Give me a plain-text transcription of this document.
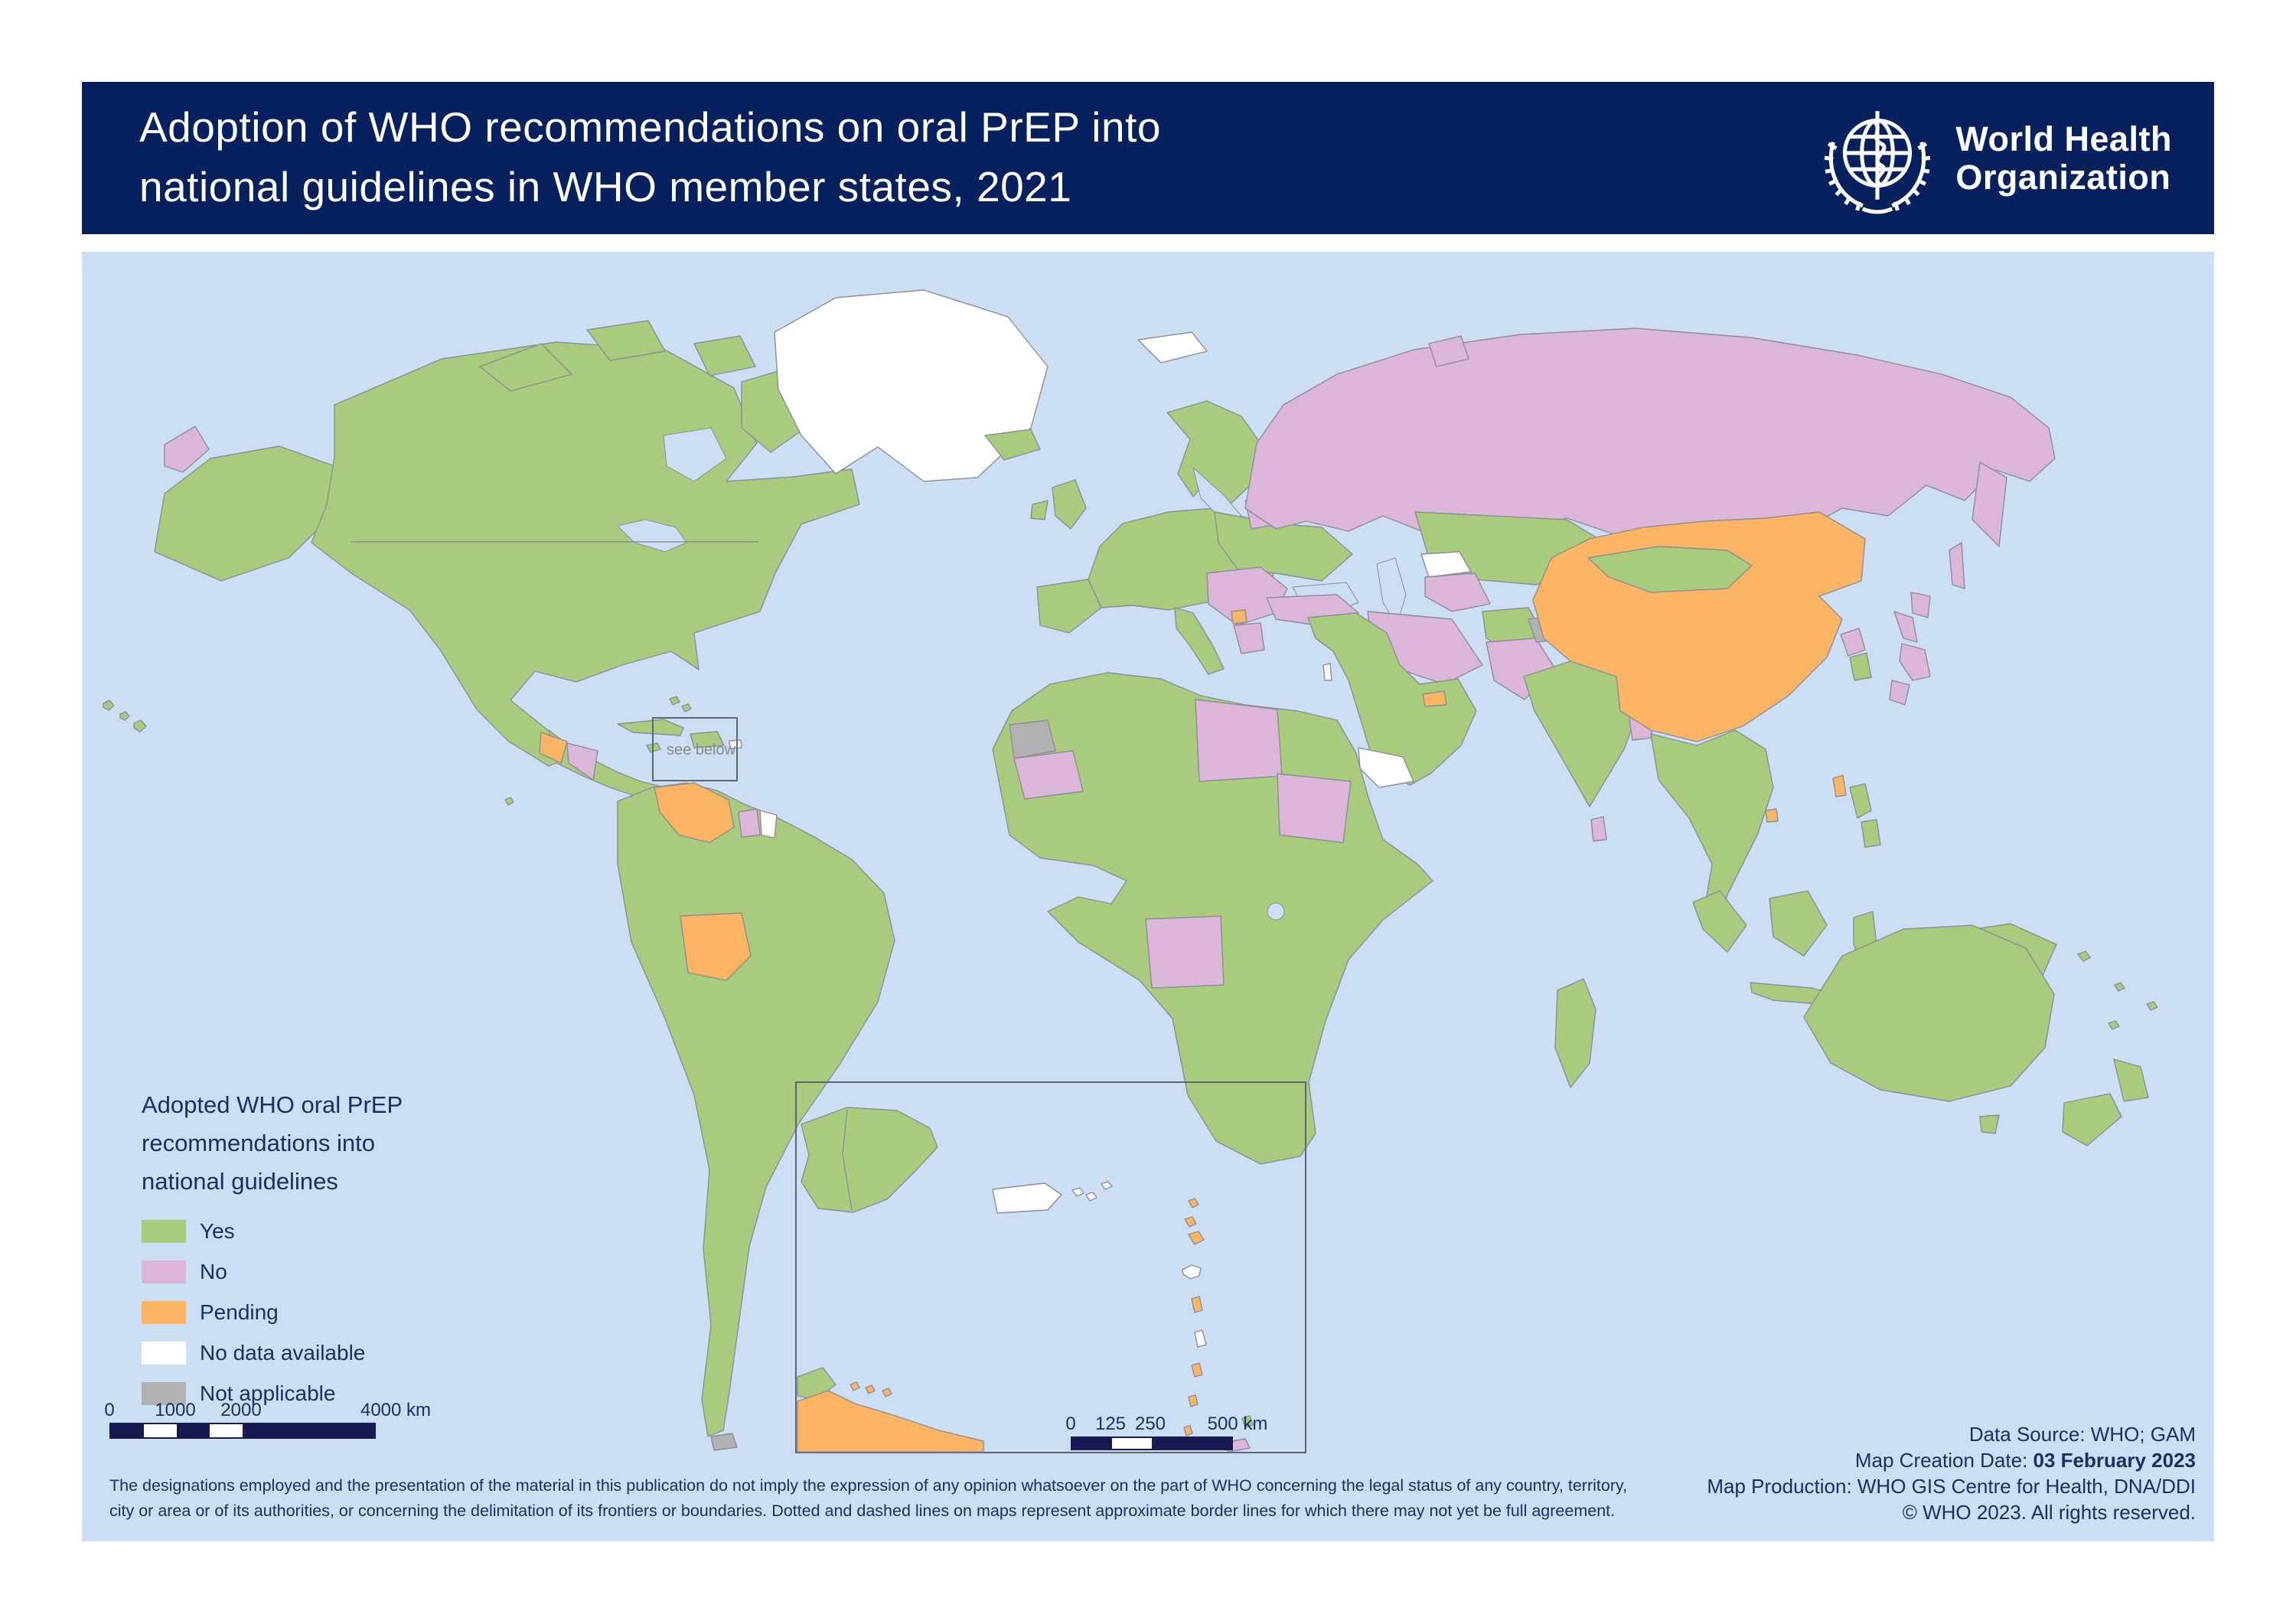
Adoption of WHO recommendations on oral PrEP into
national guidelines in WHO member states, 2021
World Health
Organization
see below
Adopted WHO oral PrEP
recommendations into
national guidelines
Yes
No
Pending
No data available
Not applicable
0 1000 2000	4000 km
0 125 250 500 km
The designations employed and the presentation of the material in this publication do not imply the expression of any opinion whatsoever on the part of WHO concerning the legal status of any country, territory,
city or area or of its authorities, or concerning the delimitation of its frontiers or boundaries. Dotted and dashed lines on maps represent approximate border lines for which there may not yet be full agreement.
Data Source: WHO; GAM
Map Creation Date: 03 February 2023
Map Production: WHO GIS Centre for Health, DNA/DDI
© WHO 2023. All rights reserved.
